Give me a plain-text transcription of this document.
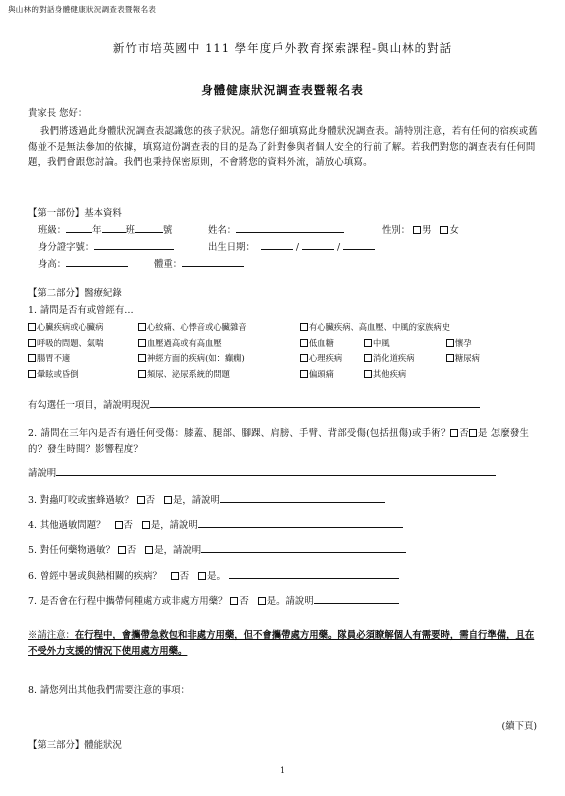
與山林的對話身體健康狀況調查表暨報名表
新竹市培英國中 111 學年度戶外教育探索課程-與山林的對話
身體健康狀況調查表暨報名表
貴家長 您好：
我們將透過此身體狀況調查表認識您的孩子狀況。請您仔細填寫此身體狀況調查表。請特別注意，若有任何的宿疾或舊傷並不是無法參加的依據，填寫這份調查表的目的是為了針對參與者個人安全的行前了解。若我們對您的調查表有任何問題，我們會跟您討論。我們也秉持保密原則，不會將您的資料外流，請放心填寫。
【第一部份】基本資料
班級：	年	班	號	姓名：	性別： 男 女
身分證字號：	出生日期：	/	/
身高：	體重：
【第二部分】醫療紀錄
1. 請問是否有或曾經有…
心臟疾病或心臟病	心絞痛、心悸音或心臟雜音	有心臟疾病、高血壓、中風的家族病史
呼吸的問題、氣喘	血壓過高或有高血壓	低血糖	中風	懷孕
腸胃不適	神經方面的疾病(如：癲癇)	心理疾病	消化道疾病	糖尿病
暈眩或昏倒	頻尿、泌尿系統的問題	偏頭痛	其他疾病
有勾選任一項目，請說明現況
2. 請問在三年內是否有過任何受傷：膝蓋、腿部、腳踝、肩膀、手臂、背部受傷(包括扭傷)或手術？ 否 是 怎麼發生的？發生時間？影響程度？
請說明
3. 對蟲叮咬或蜜蜂過敏？ 否 是，請說明
4. 其他過敏問題？ 否 是，請說明
5. 對任何藥物過敏？ 否 是，請說明
6. 曾經中暑或與熱相關的疾病？ 否 是。
7. 是否會在行程中攜帶何種處方或非處方用藥？ 否 是。請說明
※請注意：在行程中，會攜帶急救包和非處方用藥，但不會攜帶處方用藥。隊員必須瞭解個人有需要時，需自行準備，且在不受外力支援的情況下使用處方用藥。
8. 請您列出其他我們需要注意的事項：
(續下頁)
【第三部分】體能狀況
1
